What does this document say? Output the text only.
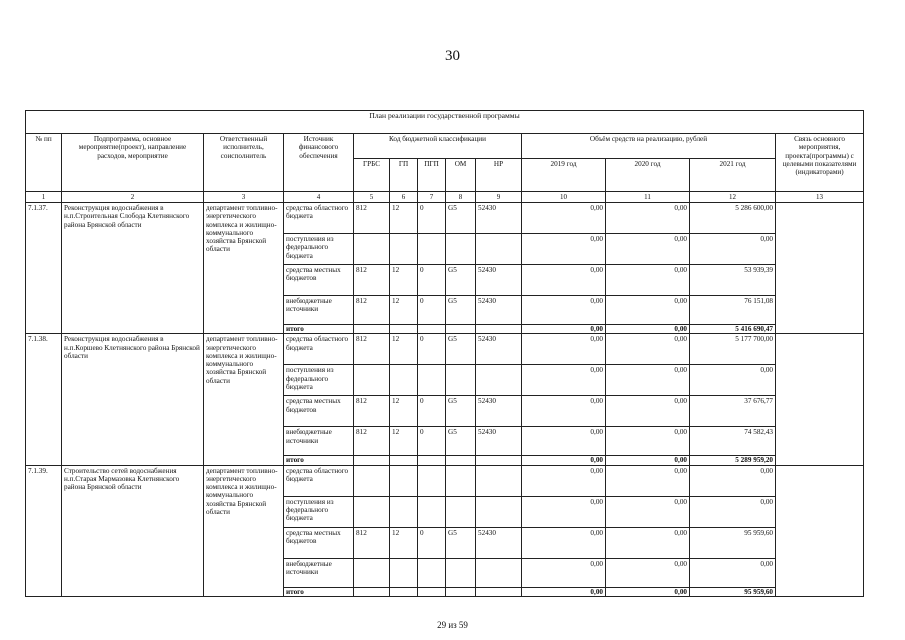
30
План реализации государственной программы												
№ пп	Подпрограмма, основное мероприятие(проект), направление расходов, мероприятие	Ответственный исполнитель, соисполнитель	Источник финансового обеспечения	Код бюджетной классификации					Объём средств на реализацию, рублей			Связь основного мероприятия, проекта(программы) с целевыми показателями (индикаторами)
				ГРБС	ГП	ПГП	ОМ	НР	2019 год	2020 год	2021 год	
1	2	3	4	5	6	7	8	9	10	11	12	13
7.1.37.	Реконструкция водоснабжения в н.п.Строительная Слобода Клетнянского района Брянской области	департамент топливно-энергетического комплекса и жилищно-коммунального хозяйства Брянской области	средства областного бюджета	812	12	0	G5	52430	0,00	0,00	5 286 600,00	
			поступления из федерального бюджета						0,00	0,00	0,00	
			средства местных бюджетов	812	12	0	G5	52430	0,00	0,00	53 939,39	
			внебюджетные источники	812	12	0	G5	52430	0,00	0,00	76 151,08	
			итого						0,00	0,00	5 416 690,47	
7.1.38.	Реконструкция водоснабжения в н.п.Коршево Клетнянского района Брянской области	департамент топливно-энергетического комплекса и жилищно-коммунального хозяйства Брянской области	средства областного бюджета	812	12	0	G5	52430	0,00	0,00	5 177 700,00	
			поступления из федерального бюджета						0,00	0,00	0,00	
			средства местных бюджетов	812	12	0	G5	52430	0,00	0,00	37 676,77	
			внебюджетные источники	812	12	0	G5	52430	0,00	0,00	74 582,43	
			итого						0,00	0,00	5 289 959,20	
7.1.39.	Строительство сетей водоснабжения н.п.Старая Мармазовка Клетнянского района Брянской области	департамент топливно-энергетического комплекса и жилищно-коммунального хозяйства Брянской области	средства областного бюджета						0,00	0,00	0,00	
			поступления из федерального бюджета						0,00	0,00	0,00	
			средства местных бюджетов	812	12	0	G5	52430	0,00	0,00	95 959,60	
			внебюджетные источники						0,00	0,00	0,00	
			итого						0,00	0,00	95 959,60	
29 из 59
